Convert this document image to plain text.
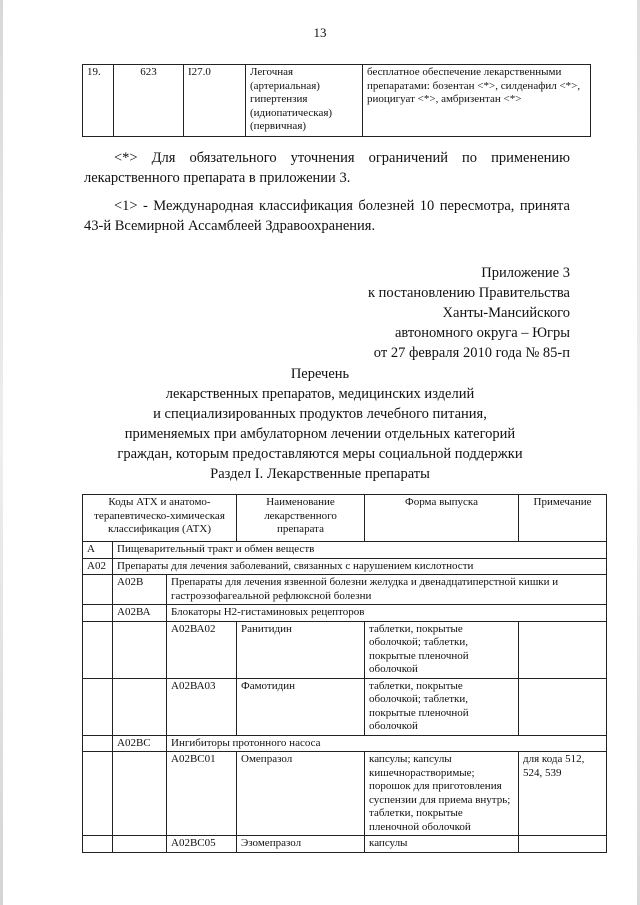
13
19.	623	I27.0	Легочная (артериальная) гипертензия (идиопатическая) (первичная)	бесплатное обеспечение лекарственными препаратами: бозентан <*>, силденафил <*>, риоцигуат <*>, амбризентан <*>
<*> Для обязательного уточнения ограничений по применению лекарственного препарата в приложении 3.
<1> - Международная классификация болезней 10 пересмотра, принята 43-й Всемирной Ассамблеей Здравоохранения.
Приложение 3
к постановлению Правительства
Ханты-Мансийского
автономного округа – Югры
от 27 февраля 2010 года № 85-п
Перечень
лекарственных препаратов, медицинских изделий
и специализированных продуктов лечебного питания,
применяемых при амбулаторном лечении отдельных категорий
граждан, которым предоставляются меры социальной поддержки
Раздел I. Лекарственные препараты
Коды АТХ и анатомо-терапевтическо-химическая классификация (АТХ)			Наименование лекарственного препарата	Форма выпуска	Примечание
А	Пищеварительный тракт и обмен веществ				
А02	Препараты для лечения заболеваний, связанных с нарушением кислотности				
	А02В	Препараты для лечения язвенной болезни желудка и двенадцатиперстной кишки и гастроэзофагеальной рефлюксной болезни			
	А02ВА	Блокаторы Н2-гистаминовых рецепторов			
		А02ВА02	Ранитидин	таблетки, покрытые оболочкой; таблетки, покрытые пленочной оболочкой	
		А02ВА03	Фамотидин	таблетки, покрытые оболочкой; таблетки, покрытые пленочной оболочкой	
	А02ВС	Ингибиторы протонного насоса			
		А02ВС01	Омепразол	капсулы; капсулы кишечнорастворимые; порошок для приготовления суспензии для приема внутрь; таблетки, покрытые пленочной оболочкой	для кода 512, 524, 539
		А02ВС05	Эзомепразол	капсулы	
